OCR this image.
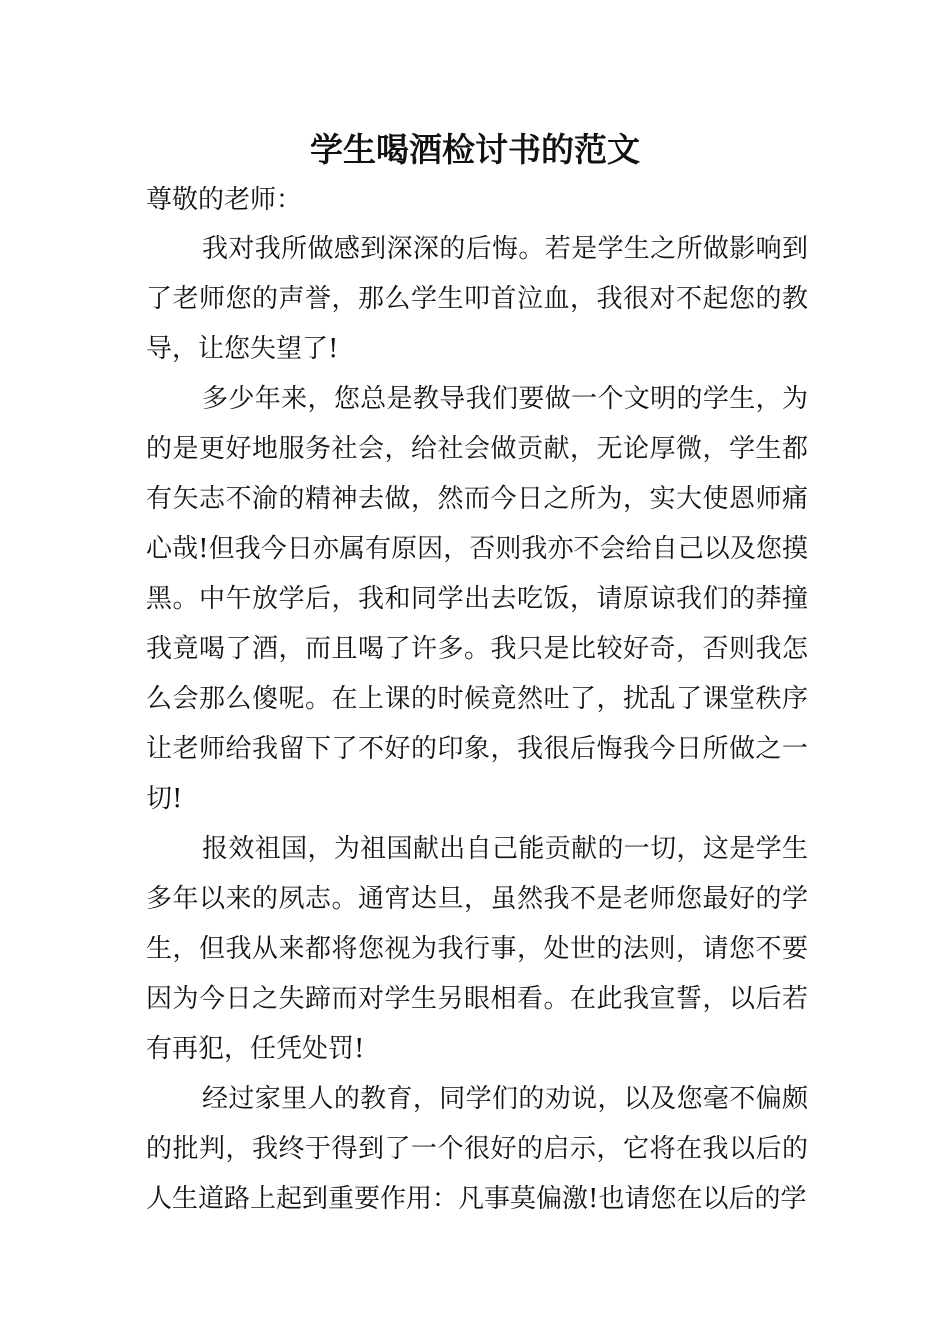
学生喝酒检讨书的范文

尊敬的老师：

我对我所做感到深深的后悔。若是学生之所做影响到了老师您的声誉，那么学生叩首泣血，我很对不起您的教导，让您失望了!

多少年来，您总是教导我们要做一个文明的学生，为的是更好地服务社会，给社会做贡献，无论厚微，学生都有矢志不渝的精神去做，然而今日之所为，实大使恩师痛心哉!但我今日亦属有原因，否则我亦不会给自己以及您摸黑。中午放学后，我和同学出去吃饭，请原谅我们的莽撞我竟喝了酒，而且喝了许多。我只是比较好奇，否则我怎么会那么傻呢。在上课的时候竟然吐了，扰乱了课堂秩序让老师给我留下了不好的印象，我很后悔我今日所做之一切!

报效祖国，为祖国献出自己能贡献的一切，这是学生多年以来的夙志。通宵达旦，虽然我不是老师您最好的学生，但我从来都将您视为我行事，处世的法则，请您不要因为今日之失蹄而对学生另眼相看。在此我宣誓，以后若有再犯，任凭处罚!

经过家里人的教育，同学们的劝说，以及您毫不偏颇的批判，我终于得到了一个很好的启示，它将在我以后的人生道路上起到重要作用：凡事莫偏激!也请您在以后的学
